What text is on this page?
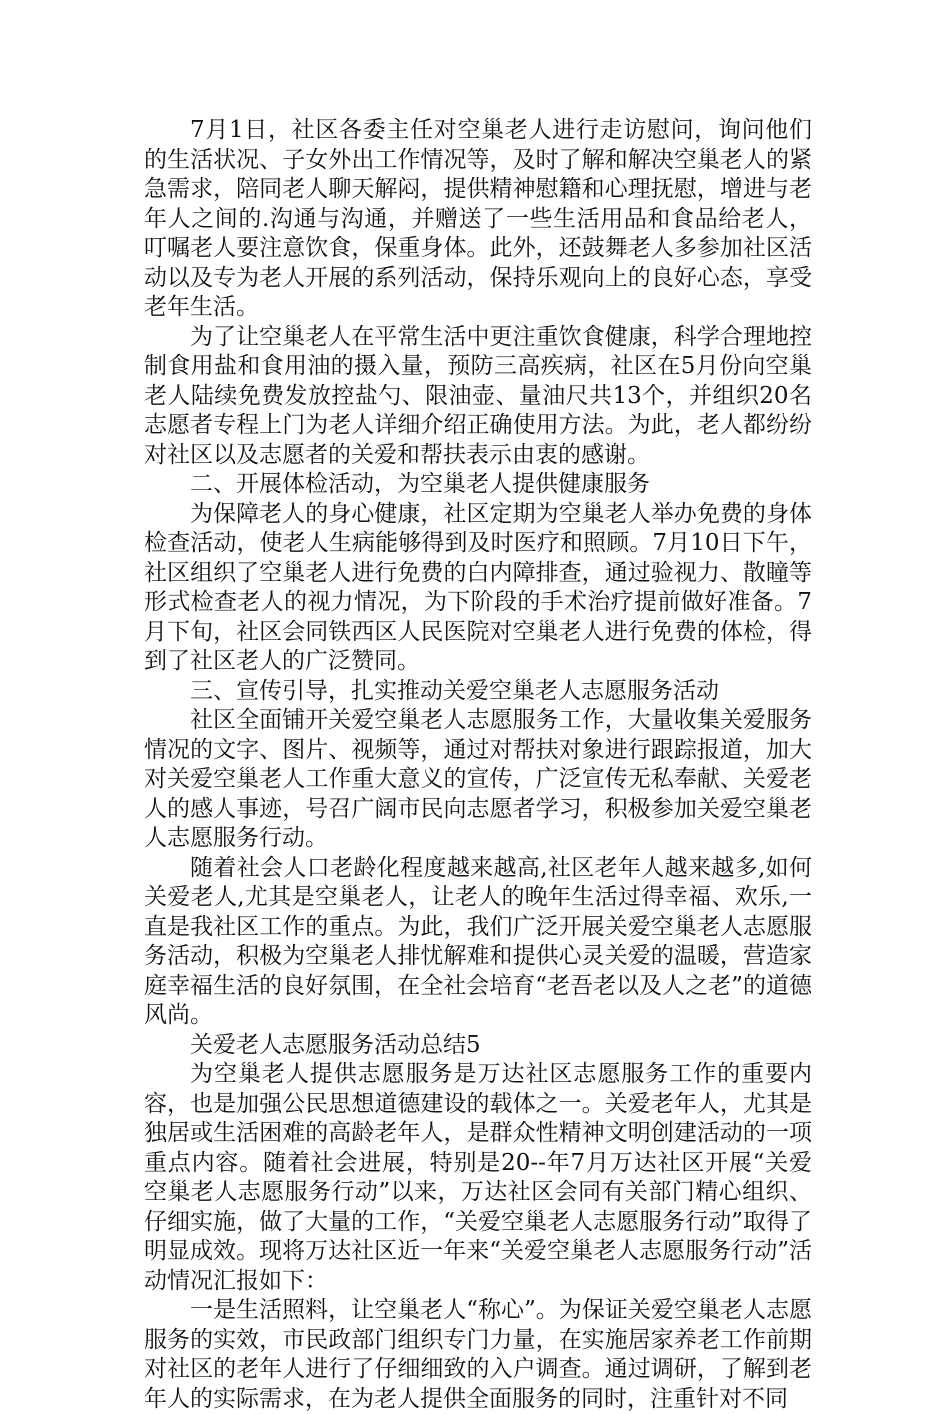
7月1日，社区各委主任对空巢老人进行走访慰问，询问他们的生活状况、子女外出工作情况等，及时了解和解决空巢老人的紧急需求，陪同老人聊天解闷，提供精神慰籍和心理抚慰，增进与老年人之间的.沟通与沟通，并赠送了一些生活用品和食品给老人，叮嘱老人要注意饮食，保重身体。此外，还鼓舞老人多参加社区活动以及专为老人开展的系列活动，保持乐观向上的良好心态，享受老年生活。

为了让空巢老人在平常生活中更注重饮食健康，科学合理地控制食用盐和食用油的摄入量，预防三高疾病，社区在5月份向空巢老人陆续免费发放控盐勺、限油壶、量油尺共13个，并组织20名志愿者专程上门为老人详细介绍正确使用方法。为此，老人都纷纷对社区以及志愿者的关爱和帮扶表示由衷的感谢。

二、开展体检活动，为空巢老人提供健康服务

为保障老人的身心健康，社区定期为空巢老人举办免费的身体检查活动，使老人生病能够得到及时医疗和照顾。7月10日下午，社区组织了空巢老人进行免费的白内障排查，通过验视力、散瞳等形式检查老人的视力情况，为下阶段的手术治疗提前做好准备。7月下旬，社区会同铁西区人民医院对空巢老人进行免费的体检，得到了社区老人的广泛赞同。

三、宣传引导，扎实推动关爱空巢老人志愿服务活动

社区全面铺开关爱空巢老人志愿服务工作，大量收集关爱服务情况的文字、图片、视频等，通过对帮扶对象进行跟踪报道，加大对关爱空巢老人工作重大意义的宣传，广泛宣传无私奉献、关爱老人的感人事迹，号召广阔市民向志愿者学习，积极参加关爱空巢老人志愿服务行动。

随着社会人口老龄化程度越来越高,社区老年人越来越多,如何关爱老人,尤其是空巢老人，让老人的晚年生活过得幸福、欢乐,一直是我社区工作的重点。为此，我们广泛开展关爱空巢老人志愿服务活动，积极为空巢老人排忧解难和提供心灵关爱的温暖，营造家庭幸福生活的良好氛围，在全社会培育“老吾老以及人之老”的道德风尚。

关爱老人志愿服务活动总结5

为空巢老人提供志愿服务是万达社区志愿服务工作的重要内容，也是加强公民思想道德建设的载体之一。关爱老年人，尤其是独居或生活困难的高龄老年人，是群众性精神文明创建活动的一项重点内容。随着社会进展，特别是20--年7月万达社区开展“关爱空巢老人志愿服务行动”以来，万达社区会同有关部门精心组织、仔细实施，做了大量的工作，“关爱空巢老人志愿服务行动”取得了明显成效。现将万达社区近一年来“关爱空巢老人志愿服务行动”活动情况汇报如下：

一是生活照料，让空巢老人“称心”。为保证关爱空巢老人志愿服务的实效，市民政部门组织专门力量，在实施居家养老工作前期对社区的老年人进行了仔细细致的入户调查。通过调研，了解到老年人的实际需求，在为老人提供全面服务的同时，注重针对不同
